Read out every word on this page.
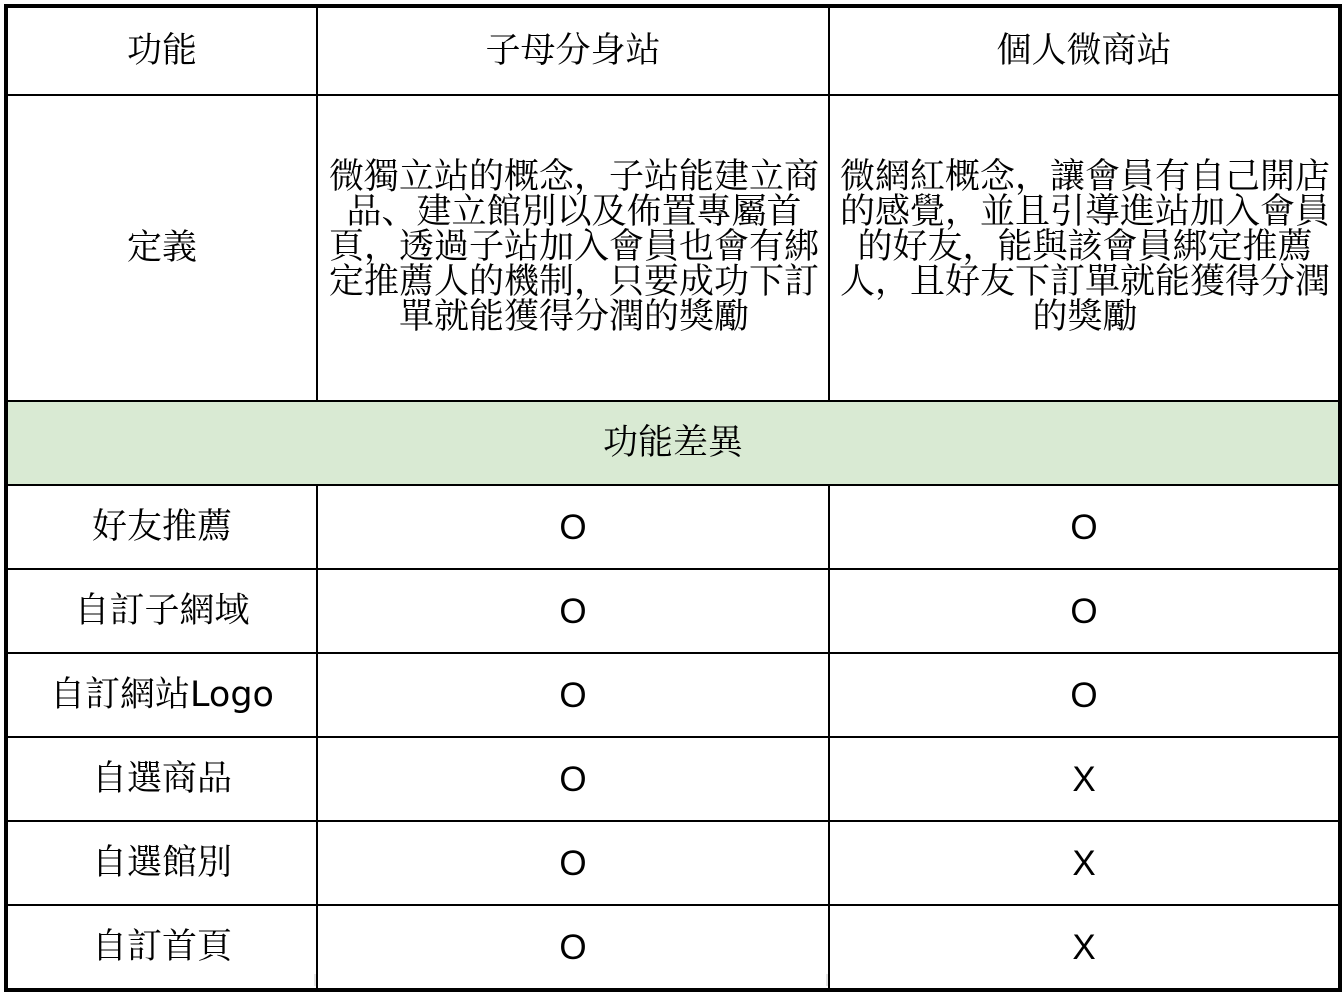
功能	子母分身站	個人微商站
定義	微獨立站的概念，子站能建立商品、建立館別以及佈置專屬首頁，透過子站加入會員也會有綁定推薦人的機制，只要成功下訂單就能獲得分潤的獎勵	微網紅概念，讓會員有自己開店的感覺，並且引導進站加入會員的好友，能與該會員綁定推薦人，且好友下訂單就能獲得分潤的獎勵
功能差異		
好友推薦	O	O
自訂子網域	O	O
自訂網站Logo	O	O
自選商品	O	X
自選館別	O	X
自訂首頁	O	X
